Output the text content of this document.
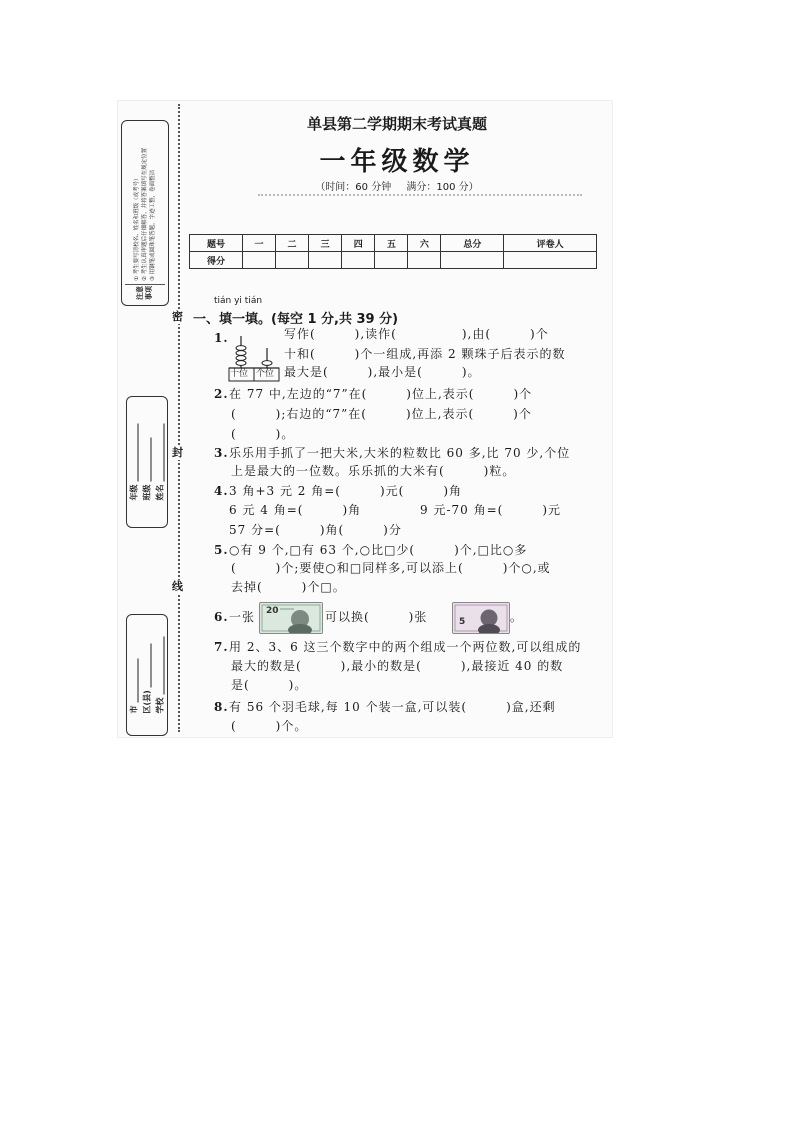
密
封
线
注意事项
① 考生要写清校名、姓名和班级（或考号） ② 考生认真审题后仔细解答，并将答案填写在规定位置 ③ 用钢笔或圆珠笔答题，字迹工整，卷面整洁
年级 班级 姓名
市 区(县) 学校
单县第二学期期末考试真题
一年级数学
（时间：60 分钟 满分：100 分）
题号	一	二	三	四	五	六	总分	评卷人
得分								
tián yi tián
一、填一填。(每空 1 分,共 39 分)
十位 个位
1.	写作(　　　),读作(　　　　　),由(　　　)个
十和(　　　)个一组成,再添 2 颗珠子后表示的数
最大是(　　　),最小是(　　　)。
2.在 77 中,左边的“7”在(　　　)位上,表示(　　　)个
(　　　);右边的“7”在(　　　)位上,表示(　　　)个
(　　　)。
3.乐乐用手抓了一把大米,大米的粒数比 60 多,比 70 少,个位
上是最大的一位数。乐乐抓的大米有(　　　)粒。
4.3 角+3 元 2 角=(　　　)元(　　　)角
6 元 4 角=(　　　)角	9 元-70 角=(　　　)元
57 分=(　　　)角(　　　)分
5.○有 9 个,□有 63 个,○比□少(　　　)个,□比○多
(　　　)个;要使○和□同样多,可以添上(　　　)个○,或
去掉(　　　)个□。
6.一张 20	可以换(　　　)张	5	。
7.用 2、3、6 这三个数字中的两个组成一个两位数,可以组成的
最大的数是(　　　),最小的数是(　　　),最接近 40 的数
是(　　　)。
8.有 56 个羽毛球,每 10 个装一盒,可以装(　　　)盒,还剩
(　　　)个。
